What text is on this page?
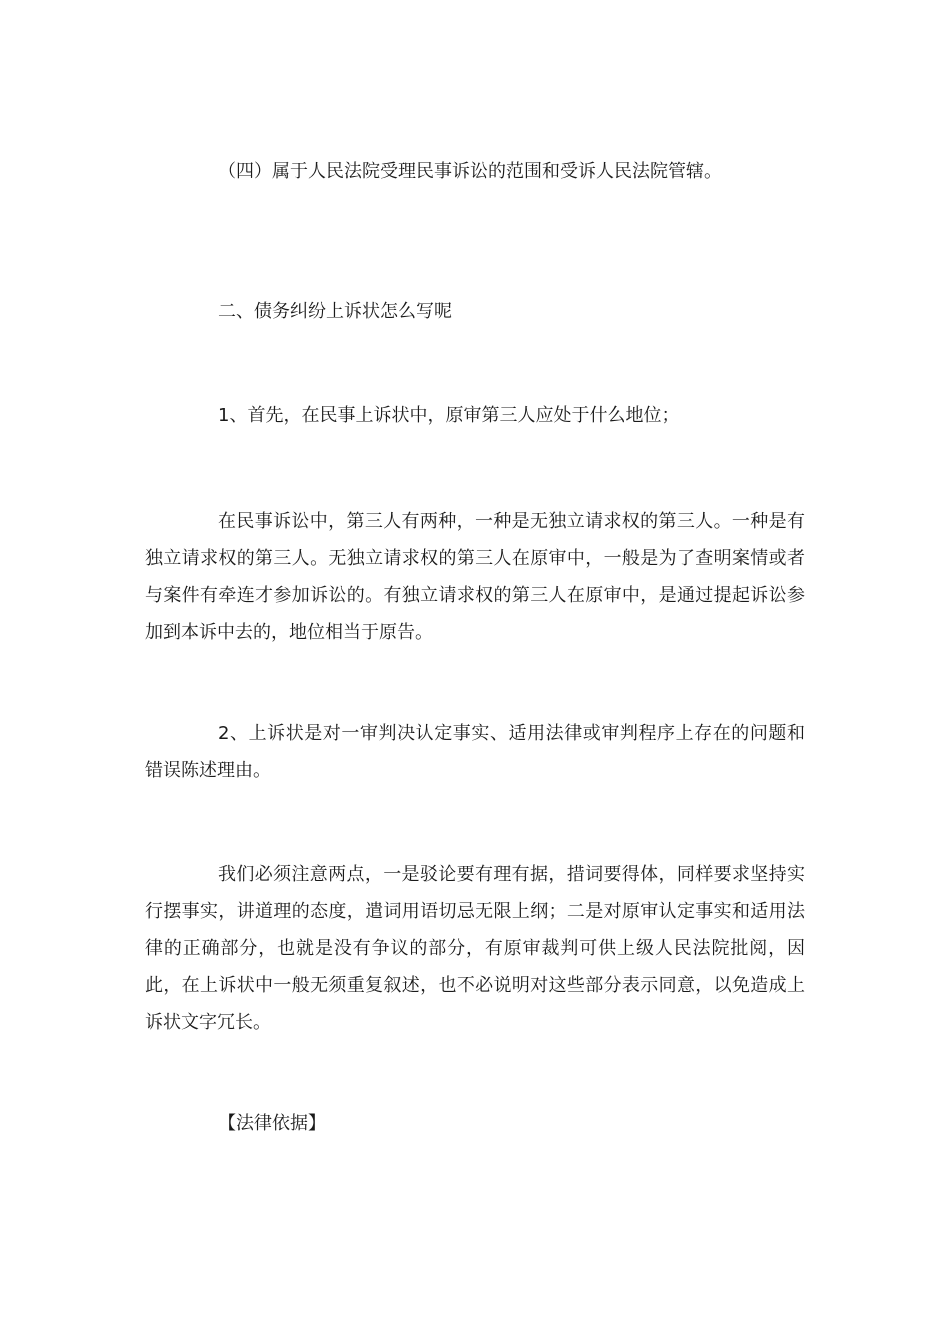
（四）属于人民法院受理民事诉讼的范围和受诉人民法院管辖。

二、债务纠纷上诉状怎么写呢

1、首先，在民事上诉状中，原审第三人应处于什么地位；

在民事诉讼中，第三人有两种，一种是无独立请求权的第三人。一种是有独立请求权的第三人。无独立请求权的第三人在原审中，一般是为了查明案情或者与案件有牵连才参加诉讼的。有独立请求权的第三人在原审中，是通过提起诉讼参加到本诉中去的，地位相当于原告。

2、上诉状是对一审判决认定事实、适用法律或审判程序上存在的问题和错误陈述理由。

我们必须注意两点，一是驳论要有理有据，措词要得体，同样要求坚持实行摆事实，讲道理的态度，遣词用语切忌无限上纲；二是对原审认定事实和适用法律的正确部分，也就是没有争议的部分，有原审裁判可供上级人民法院批阅，因此，在上诉状中一般无须重复叙述，也不必说明对这些部分表示同意，以免造成上诉状文字冗长。

【法律依据】
